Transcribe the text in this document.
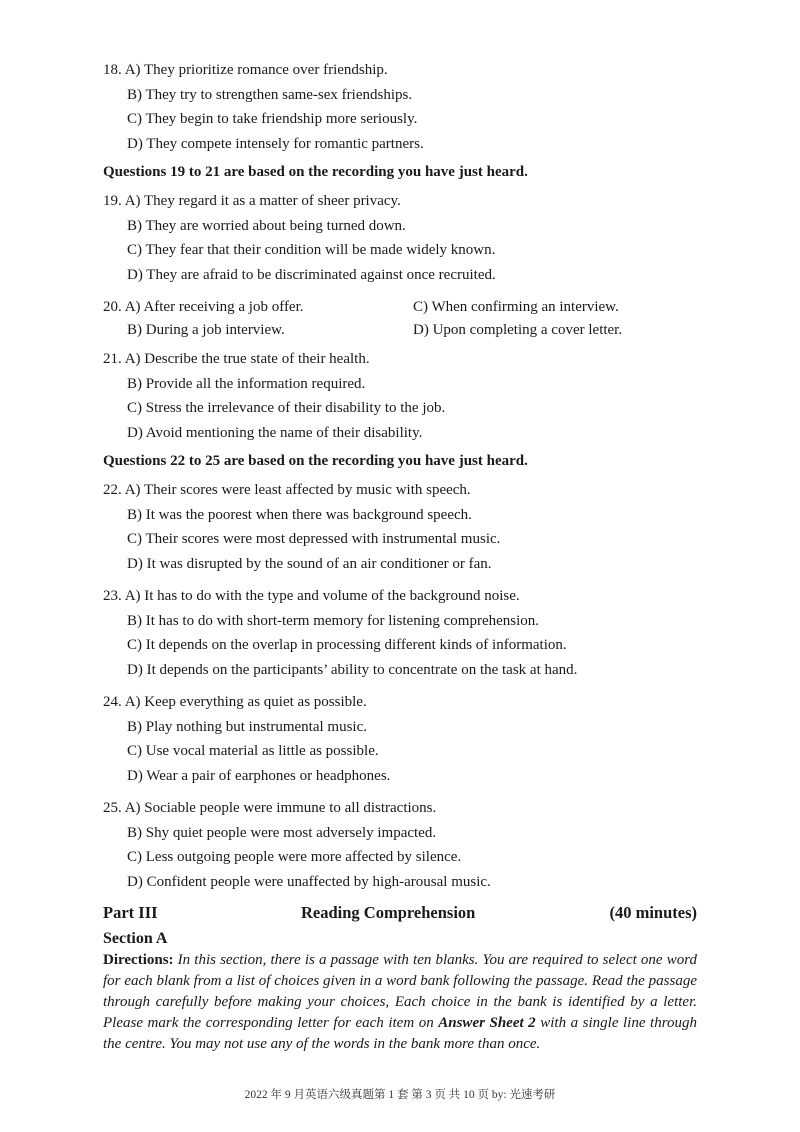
18. A) They prioritize romance over friendship.
B) They try to strengthen same-sex friendships.
C) They begin to take friendship more seriously.
D) They compete intensely for romantic partners.
Questions 19 to 21 are based on the recording you have just heard.
19. A) They regard it as a matter of sheer privacy.
B) They are worried about being turned down.
C) They fear that their condition will be made widely known.
D) They are afraid to be discriminated against once recruited.
20. A) After receiving a job offer.	C) When confirming an interview.
B) During a job interview.	D) Upon completing a cover letter.
21. A) Describe the true state of their health.
B) Provide all the information required.
C) Stress the irrelevance of their disability to the job.
D) Avoid mentioning the name of their disability.
Questions 22 to 25 are based on the recording you have just heard.
22. A) Their scores were least affected by music with speech.
B) It was the poorest when there was background speech.
C) Their scores were most depressed with instrumental music.
D) It was disrupted by the sound of an air conditioner or fan.
23. A) It has to do with the type and volume of the background noise.
B) It has to do with short-term memory for listening comprehension.
C) It depends on the overlap in processing different kinds of information.
D) It depends on the participants’ ability to concentrate on the task at hand.
24. A) Keep everything as quiet as possible.
B) Play nothing but instrumental music.
C) Use vocal material as little as possible.
D) Wear a pair of earphones or headphones.
25. A) Sociable people were immune to all distractions.
B) Shy quiet people were most adversely impacted.
C) Less outgoing people were more affected by silence.
D) Confident people were unaffected by high-arousal music.
Part III	Reading Comprehension	(40 minutes)
Section A
Directions: In this section, there is a passage with ten blanks. You are required to select one word for each blank from a list of choices given in a word bank following the passage. Read the passage through carefully before making your choices, Each choice in the bank is identified by a letter. Please mark the corresponding letter for each item on Answer Sheet 2 with a single line through the centre. You may not use any of the words in the bank more than once.
2022 年 9 月英语六级真题第 1 套 第 3 页 共 10 页 by: 光速考研
